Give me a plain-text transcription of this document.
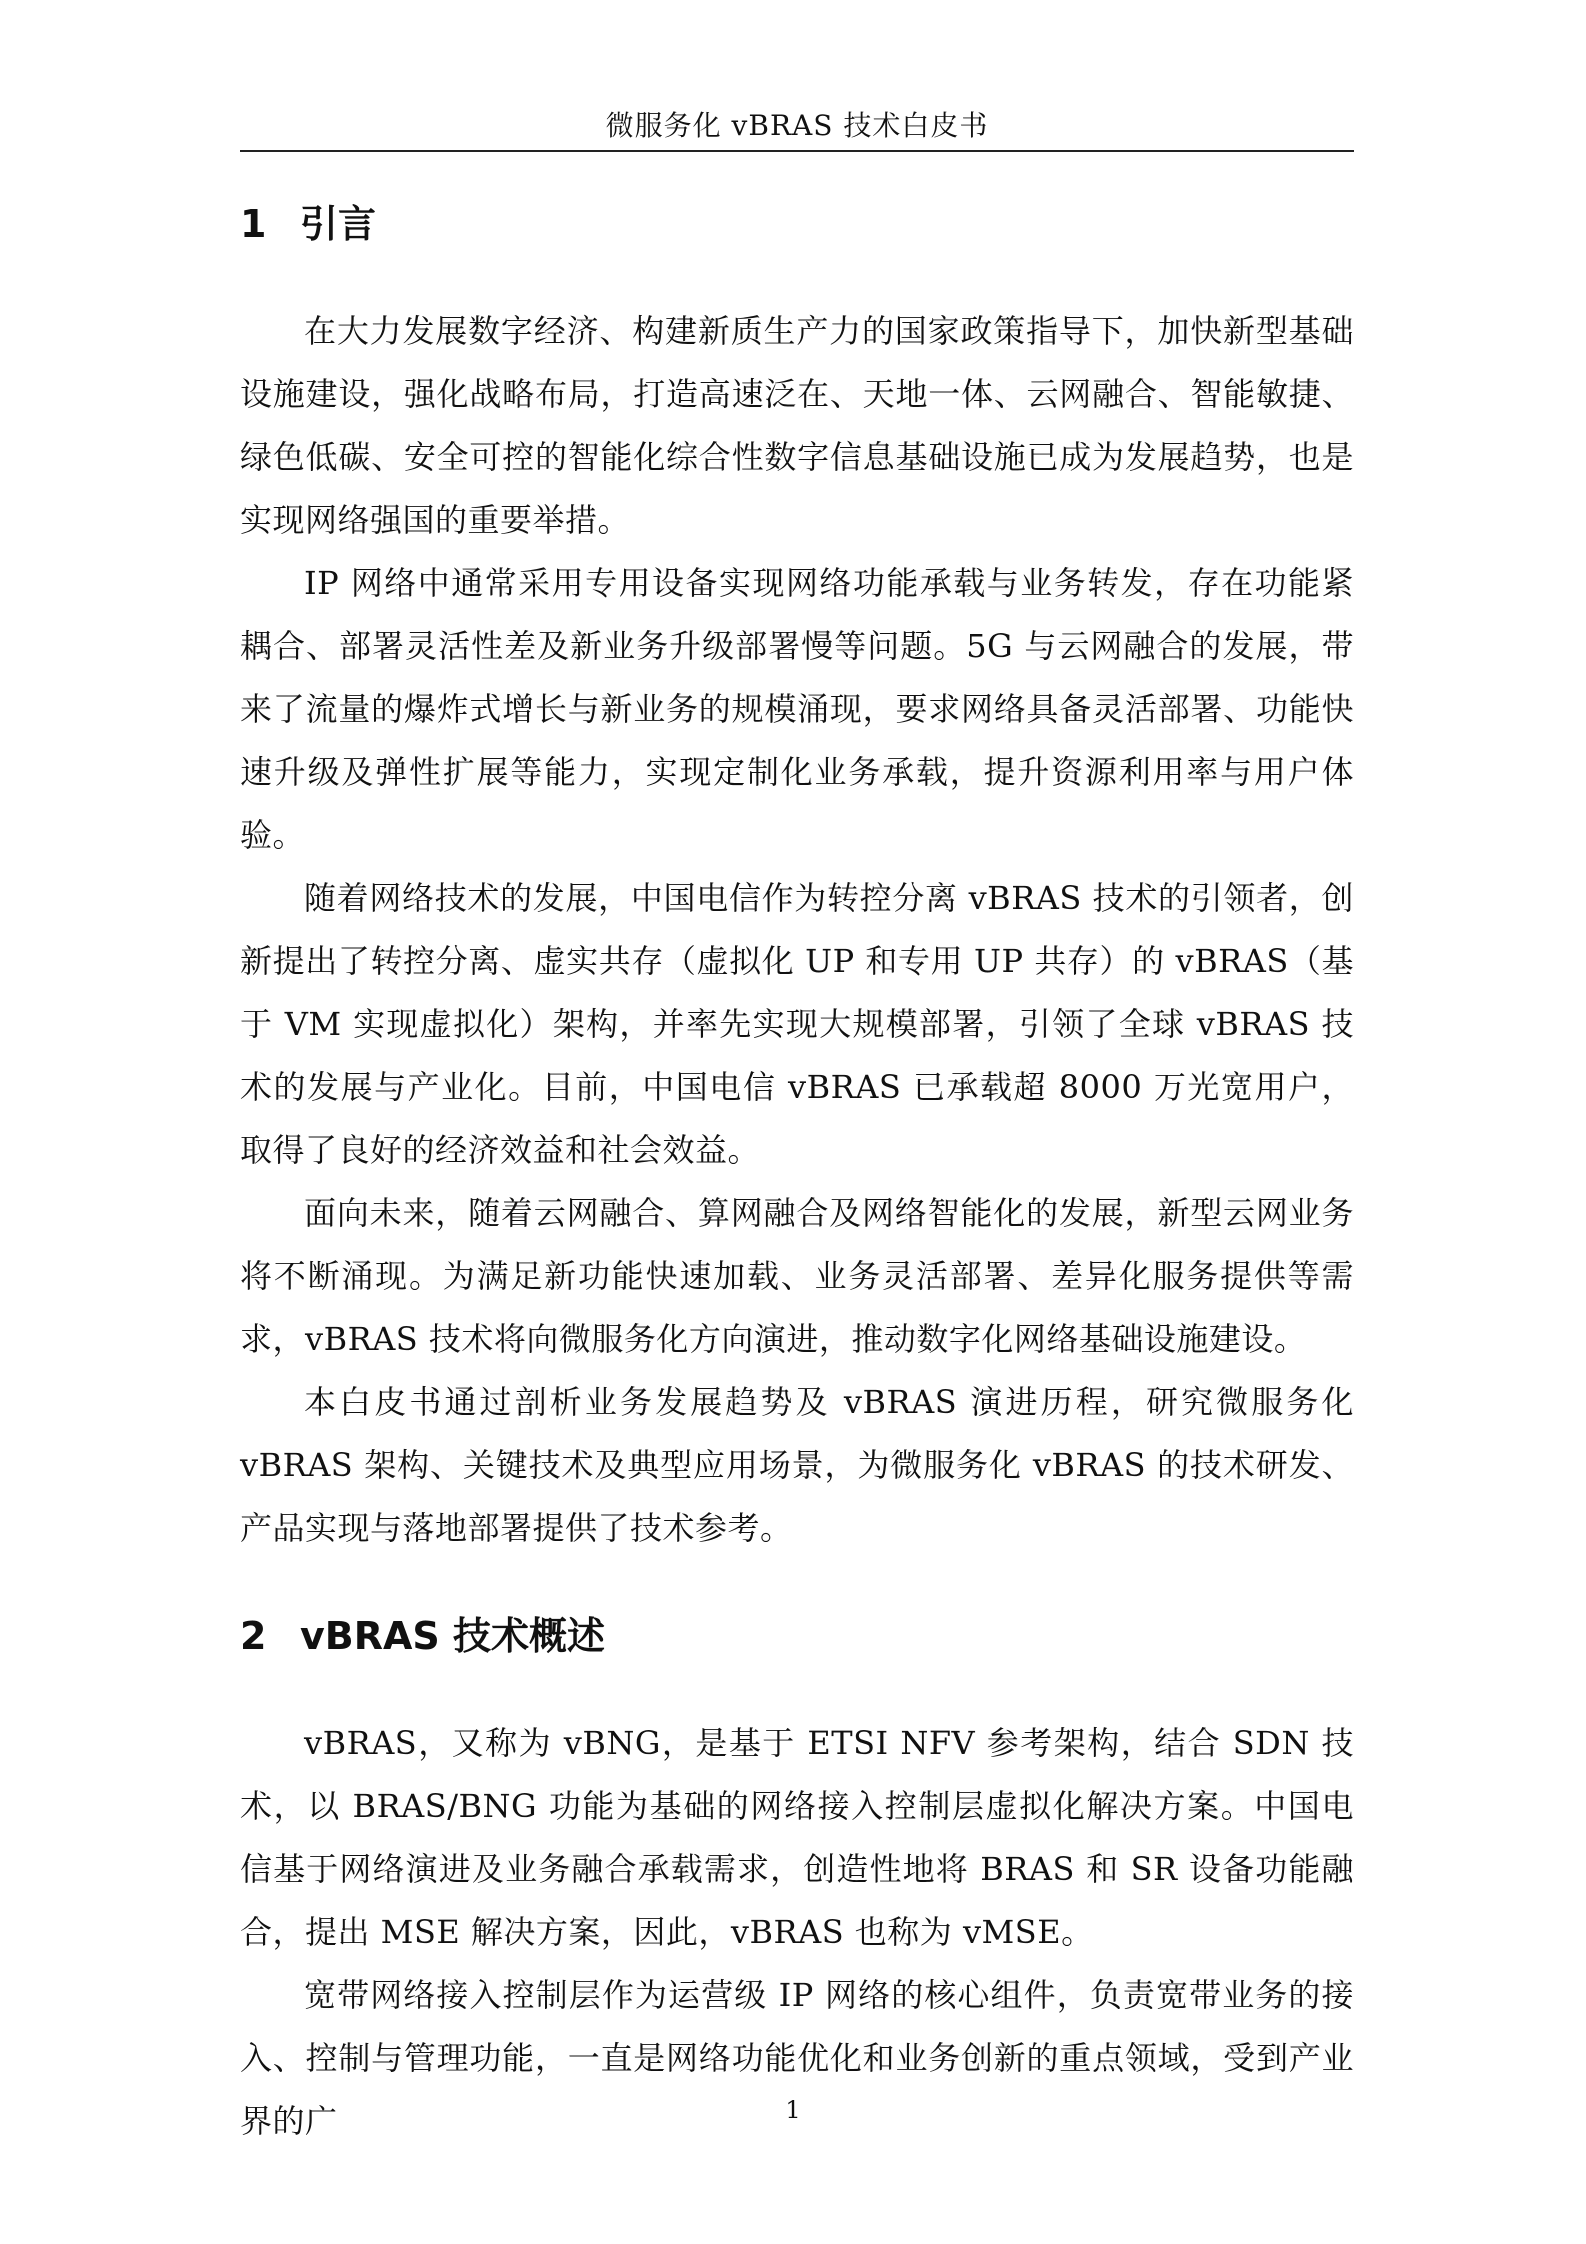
微服务化 vBRAS 技术白皮书
1 引言

在大力发展数字经济、构建新质生产力的国家政策指导下，加快新型基础设施建设，强化战略布局，打造高速泛在、天地一体、云网融合、智能敏捷、绿色低碳、安全可控的智能化综合性数字信息基础设施已成为发展趋势，也是实现网络强国的重要举措。

IP 网络中通常采用专用设备实现网络功能承载与业务转发，存在功能紧耦合、部署灵活性差及新业务升级部署慢等问题。5G 与云网融合的发展，带来了流量的爆炸式增长与新业务的规模涌现，要求网络具备灵活部署、功能快速升级及弹性扩展等能力，实现定制化业务承载，提升资源利用率与用户体验。

随着网络技术的发展，中国电信作为转控分离 vBRAS 技术的引领者，创新提出了转控分离、虚实共存（虚拟化 UP 和专用 UP 共存）的 vBRAS（基于 VM 实现虚拟化）架构，并率先实现大规模部署，引领了全球 vBRAS 技术的发展与产业化。目前，中国电信 vBRAS 已承载超 8000 万光宽用户，取得了良好的经济效益和社会效益。

面向未来，随着云网融合、算网融合及网络智能化的发展，新型云网业务将不断涌现。为满足新功能快速加载、业务灵活部署、差异化服务提供等需求，vBRAS 技术将向微服务化方向演进，推动数字化网络基础设施建设。

本白皮书通过剖析业务发展趋势及 vBRAS 演进历程，研究微服务化 vBRAS 架构、关键技术及典型应用场景，为微服务化 vBRAS 的技术研发、产品实现与落地部署提供了技术参考。

2 vBRAS 技术概述

vBRAS，又称为 vBNG，是基于 ETSI NFV 参考架构，结合 SDN 技术，以 BRAS/BNG 功能为基础的网络接入控制层虚拟化解决方案。中国电信基于网络演进及业务融合承载需求，创造性地将 BRAS 和 SR 设备功能融合，提出 MSE 解决方案，因此，vBRAS 也称为 vMSE。

宽带网络接入控制层作为运营级 IP 网络的核心组件，负责宽带业务的接入、控制与管理功能，一直是网络功能优化和业务创新的重点领域，受到产业界的广	1
